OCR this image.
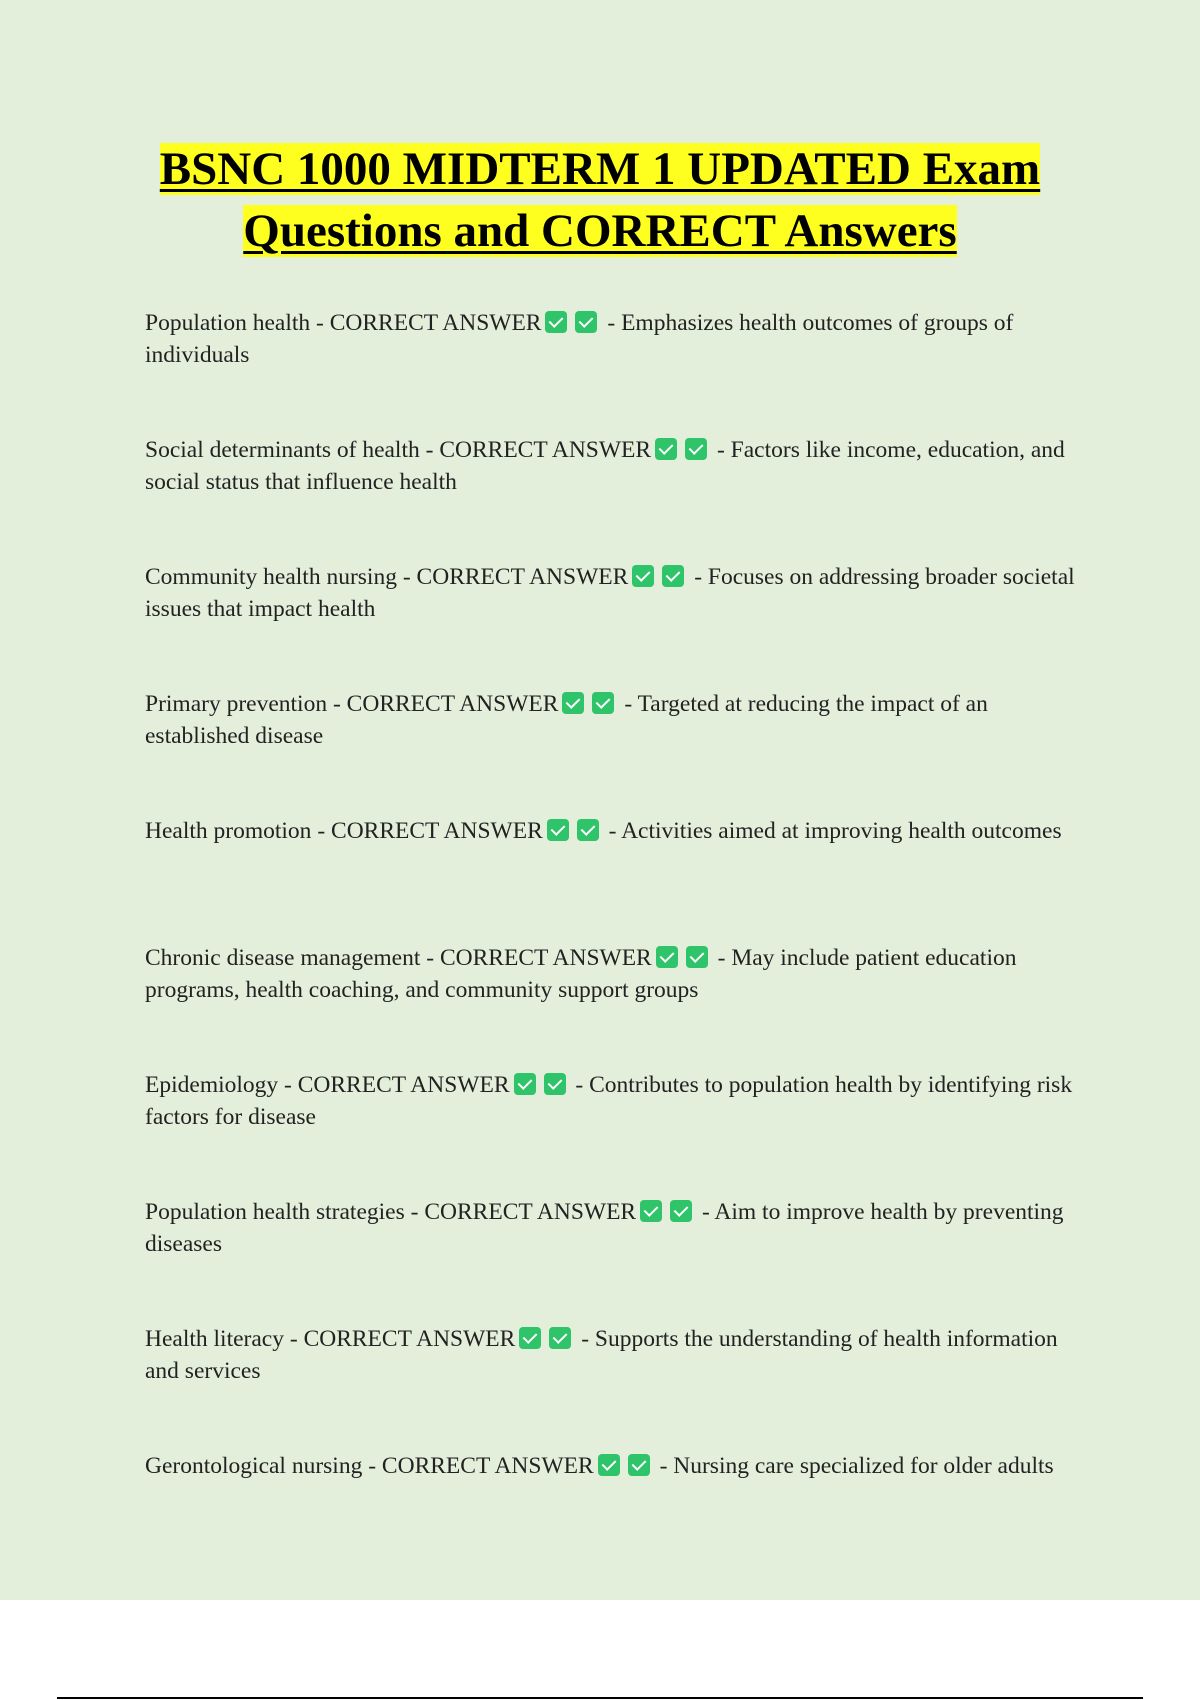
BSNC 1000 MIDTERM 1 UPDATED Exam
Questions and CORRECT Answers

Population health - CORRECT ANSWER	- Emphasizes health outcomes of groups of individuals

Social determinants of health - CORRECT ANSWER	- Factors like income, education, and social status that influence health

Community health nursing - CORRECT ANSWER	- Focuses on addressing broader societal issues that impact health

Primary prevention - CORRECT ANSWER	- Targeted at reducing the impact of an established disease

Health promotion - CORRECT ANSWER	- Activities aimed at improving health outcomes

Chronic disease management - CORRECT ANSWER	- May include patient education programs, health coaching, and community support groups

Epidemiology - CORRECT ANSWER	- Contributes to population health by identifying risk factors for disease

Population health strategies - CORRECT ANSWER	- Aim to improve health by preventing diseases

Health literacy - CORRECT ANSWER	- Supports the understanding of health information and services

Gerontological nursing - CORRECT ANSWER	- Nursing care specialized for older adults
